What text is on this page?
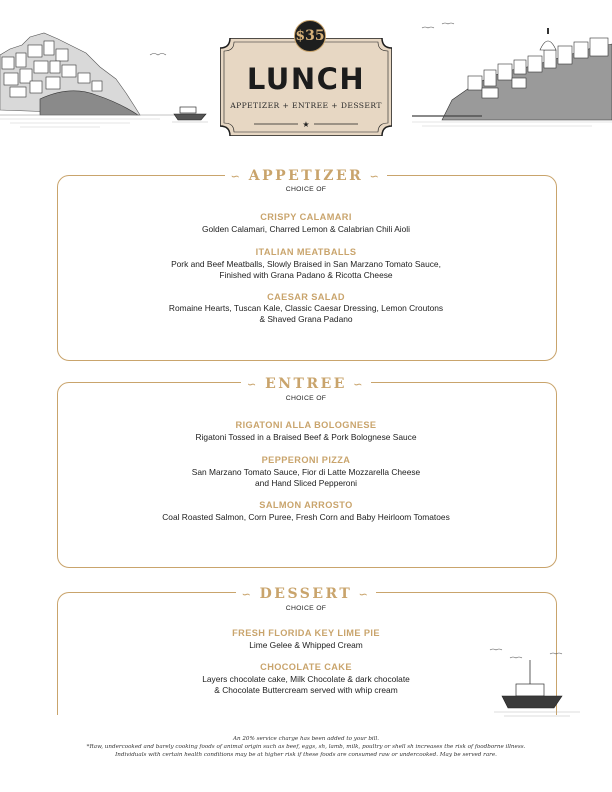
$35
LUNCH
APPETIZER + ENTREE + DESSERT
★
∽ APPETIZER ∽
CHOICE OF
CRISPY CALAMARI
Golden Calamari, Charred Lemon & Calabrian Chili Aioli
ITALIAN MEATBALLS
Pork and Beef Meatballs, Slowly Braised in San Marzano Tomato Sauce,
Finished with Grana Padano & Ricotta Cheese
CAESAR SALAD
Romaine Hearts, Tuscan Kale, Classic Caesar Dressing, Lemon Croutons
& Shaved Grana Padano
∽ ENTREE ∽
CHOICE OF
RIGATONI ALLA BOLOGNESE
Rigatoni Tossed in a Braised Beef & Pork Bolognese Sauce
PEPPERONI PIZZA
San Marzano Tomato Sauce, Fior di Latte Mozzarella Cheese
and Hand Sliced Pepperoni
SALMON ARROSTO
Coal Roasted Salmon, Corn Puree, Fresh Corn and Baby Heirloom Tomatoes
∽ DESSERT ∽
CHOICE OF
FRESH FLORIDA KEY LIME PIE
Lime Gelee & Whipped Cream
CHOCOLATE CAKE
Layers chocolate cake, Milk Chocolate & dark chocolate
& Chocolate Buttercream served with whip cream
An 20% service charge has been added to your bill.
*Raw, undercooked and barely cooking foods of animal origin such as beef, eggs, sh, lamb, milk, poultry or shell sh increases the risk of foodborne illness.
Individuals with certain health conditions may be at higher risk if these foods are consumed raw or undercooked. May be served rare.
